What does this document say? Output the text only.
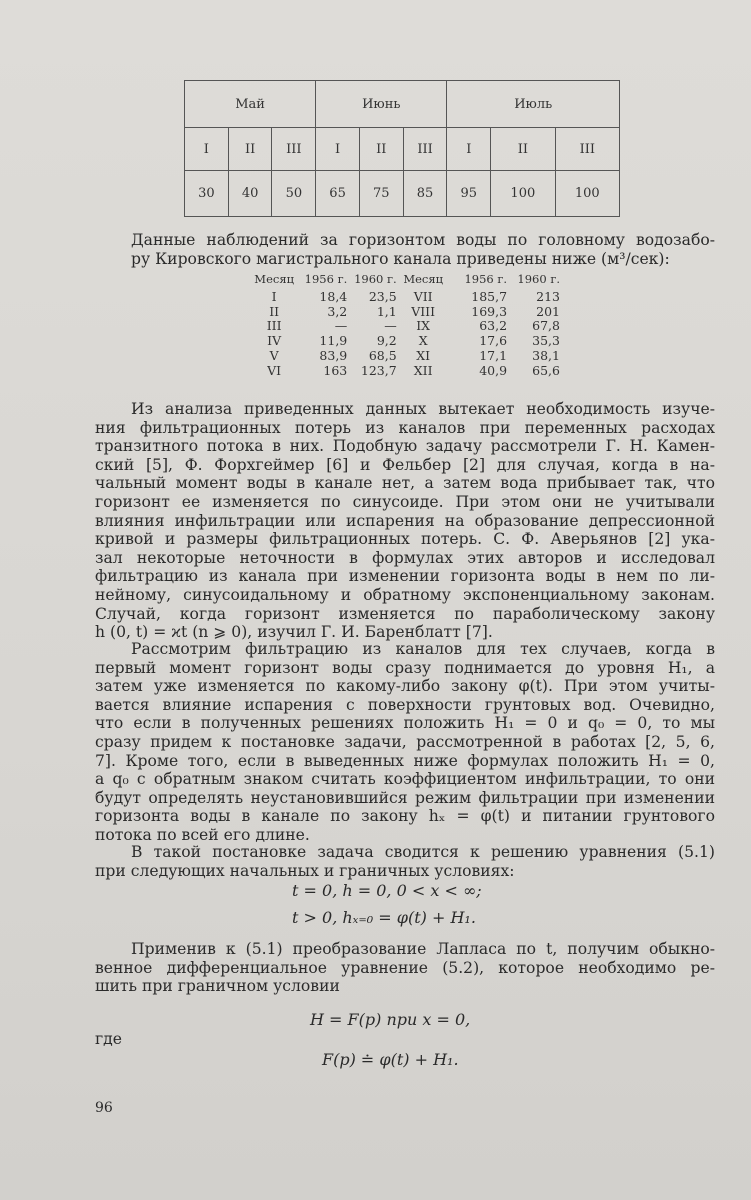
Май			Июнь			Июль		
I	II	III	I	II	III	I	II	III
30	40	50	65	75	85	95	100	100
Данные наблюдений за горизонтом воды по головному водозабо-
ру Кировского магистрального канала приведены ниже (м³/сек):
Месяц	1956 г.	1960 г.	Месяц	1956 г.	1960 г.
I	18,4	23,5	VII	185,7	213
II	3,2	1,1	VIII	169,3	201
III	—	—	IX	63,2	67,8
IV	11,9	9,2	X	17,6	35,3
V	83,9	68,5	XI	17,1	38,1
VI	163	123,7	XII	40,9	65,6
Из анализа приведенных данных вытекает необходимость изуче-
ния фильтрационных потерь из каналов при переменных расходах
транзитного потока в них. Подобную задачу рассмотрели Г. Н. Камен-
ский [5], Ф. Форхгеймер [6] и Фельбер [2] для случая, когда в на-
чальный момент воды в канале нет, а затем вода прибывает так, что
горизонт ее изменяется по синусоиде. При этом они не учитывали
влияния инфильтрации или испарения на образование депрессионной
кривой и размеры фильтрационных потерь. С. Ф. Аверьянов [2] ука-
зал некоторые неточности в формулах этих авторов и исследовал
фильтрацию из канала при изменении горизонта воды в нем по ли-
нейному, синусоидальному и обратному экспоненциальному законам.
Случай, когда горизонт изменяется по параболическому закону
h (0, t) = ϰt (n ⩾ 0), изучил Г. И. Баренблатт [7].
Рассмотрим фильтрацию из каналов для тех случаев, когда в
первый момент горизонт воды сразу поднимается до уровня H₁, а
затем уже изменяется по какому-либо закону φ(t). При этом учиты-
вается влияние испарения с поверхности грунтовых вод. Очевидно,
что если в полученных решениях положить H₁ = 0 и q₀ = 0, то мы
сразу придем к постановке задачи, рассмотренной в работах [2, 5, 6,
7]. Кроме того, если в выведенных ниже формулах положить H₁ = 0,
а q₀ с обратным знаком считать коэффициентом инфильтрации, то они
будут определять неустановившийся режим фильтрации при изменении
горизонта воды в канале по закону hₓ = φ(t) и питании грунтового
потока по всей его длине.
В такой постановке задача сводится к решению уравнения (5.1)
при следующих начальных и граничных условиях:
t = 0, h = 0, 0 < x < ∞;
t > 0, hₓ₌₀ = φ(t) + H₁.
Применив к (5.1) преобразование Лапласа по t, получим обыкно-
венное дифференциальное уравнение (5.2), которое необходимо ре-
шить при граничном условии
H = F(p) при x = 0,
где
F(p) ≐ φ(t) + H₁.
96
